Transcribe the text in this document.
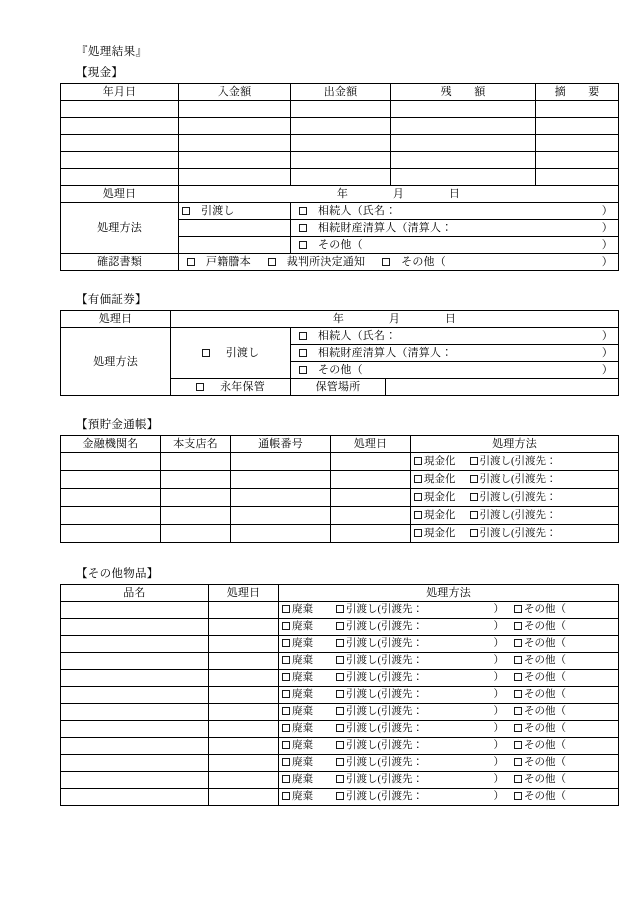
『処理結果』
【現金】
年月日	入金額	出金額	残　　額	摘　　要

処理日	年　　　　月　　　　日			
処理方法	引渡し	相続人（氏名： ）		

		相続財産清算人（清算人： ）		

		その他（ ）		

確認書類	戸籍謄本 裁判所決定通知 その他（ ）			
【有価証券】
処理日	年　　　　月　　　　日		
処理方法	引渡し	相続人（氏名： ）	

		相続財産清算人（清算人： ）	

		その他（ ）	

	永年保管	保管場所	
【預貯金通帳】
金融機関名	本支店名	通帳番号	処理日	処理方法
				現金化 引渡し(引渡先：
				現金化 引渡し(引渡先：
				現金化 引渡し(引渡先：
				現金化 引渡し(引渡先：
				現金化 引渡し(引渡先：
【その他物品】
品名	処理日	処理方法

		廃棄 引渡し(引渡先： ） その他（

		廃棄 引渡し(引渡先： ） その他（

		廃棄 引渡し(引渡先： ） その他（

		廃棄 引渡し(引渡先： ） その他（

		廃棄 引渡し(引渡先： ） その他（

		廃棄 引渡し(引渡先： ） その他（

		廃棄 引渡し(引渡先： ） その他（

		廃棄 引渡し(引渡先： ） その他（

		廃棄 引渡し(引渡先： ） その他（

		廃棄 引渡し(引渡先： ） その他（

		廃棄 引渡し(引渡先： ） その他（

		廃棄 引渡し(引渡先： ） その他（
